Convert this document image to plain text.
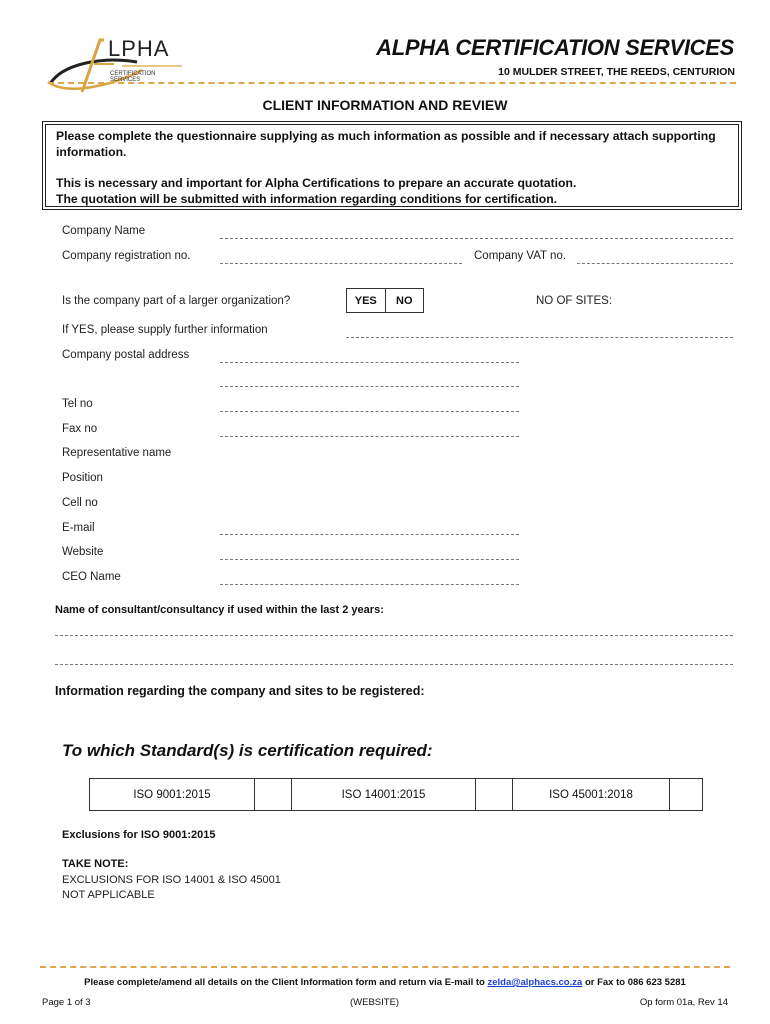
LPHA
CERTIFICATION SERVICES
ALPHA CERTIFICATION SERVICES
10 MULDER STREET, THE REEDS, CENTURION
CLIENT INFORMATION AND REVIEW

Please complete the questionnaire supplying as much information as possible and if necessary attach supporting information.

This is necessary and important for Alpha Certifications to prepare an accurate quotation.

The quotation will be submitted with information regarding conditions for certification.

Company Name
Company registration no.	Company VAT no.
Is the company part of a larger organization?	YES	NO	NO OF SITES:
If YES, please supply further information
Company postal address
Tel no
Fax no
Representative name
Position
Cell no
E-mail
Website
CEO Name
Name of consultant/consultancy if used within the last 2 years:
Information regarding the company and sites to be registered:
To which Standard(s) is certification required:
ISO 9001:2015	ISO 14001:2015	ISO 45001:2018
Exclusions for ISO 9001:2015
TAKE NOTE:
EXCLUSIONS FOR ISO 14001 & ISO 45001
NOT APPLICABLE
Please complete/amend all details on the Client Information form and return via E-mail to zelda@alphacs.co.za or Fax to 086 623 5281
Page 1 of 3	(WEBSITE)	Op form 01a, Rev 14
